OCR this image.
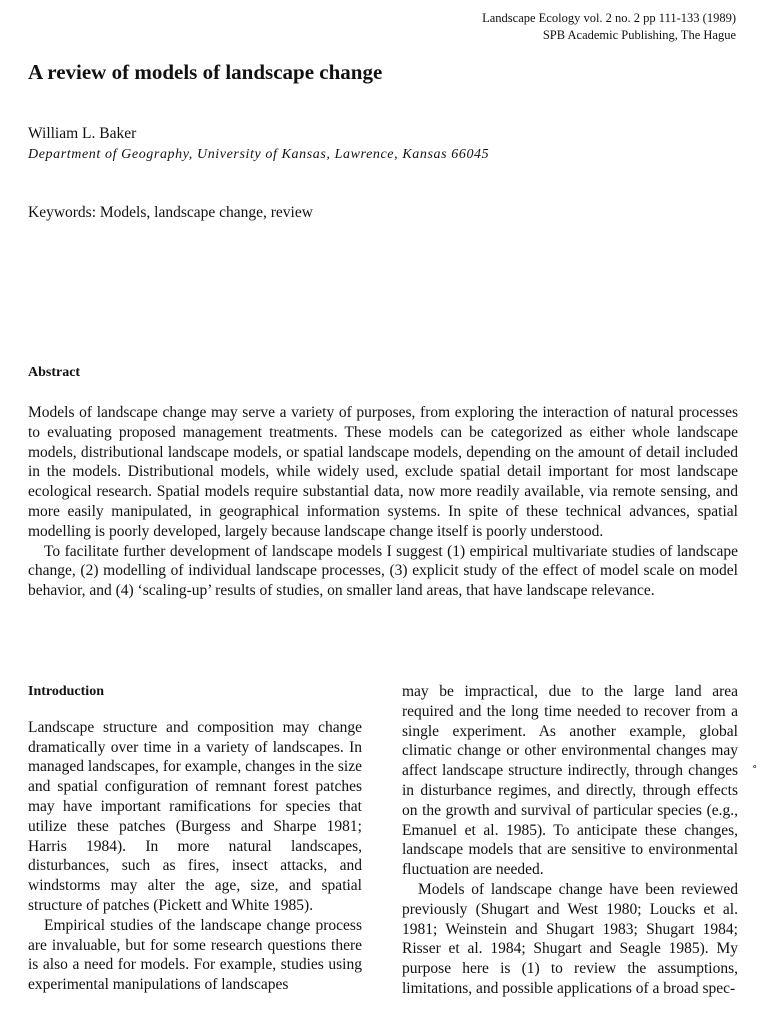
Landscape Ecology vol. 2 no. 2 pp 111-133 (1989)
SPB Academic Publishing, The Hague
A review of models of landscape change
William L. Baker
Department of Geography, University of Kansas, Lawrence, Kansas 66045
Keywords: Models, landscape change, review
Abstract

Models of landscape change may serve a variety of purposes, from exploring the interaction of natural processes to evaluating proposed management treatments. These models can be categorized as either whole landscape models, distributional landscape models, or spatial landscape models, depending on the amount of detail included in the models. Distributional models, while widely used, exclude spatial detail important for most landscape ecological research. Spatial models require substantial data, now more readily available, via remote sensing, and more easily manipulated, in geographical information systems. In spite of these technical advances, spatial modelling is poorly developed, largely because landscape change itself is poorly understood.

To facilitate further development of landscape models I suggest (1) empirical multivariate studies of landscape change, (2) modelling of individual landscape processes, (3) explicit study of the effect of model scale on model behavior, and (4) ‘scaling-up’ results of studies, on smaller land areas, that have landscape relevance.

Introduction

Landscape structure and composition may change dramatically over time in a variety of landscapes. In managed landscapes, for example, changes in the size and spatial configuration of remnant forest patches may have important ramifications for species that utilize these patches (Burgess and Sharpe 1981; Harris 1984). In more natural landscapes, disturbances, such as fires, insect attacks, and windstorms may alter the age, size, and spatial structure of patches (Pickett and White 1985).

Empirical studies of the landscape change process are invaluable, but for some research questions there is also a need for models. For example, studies using experimental manipulations of landscapes

may be impractical, due to the large land area required and the long time needed to recover from a single experiment. As another example, global climatic change or other environmental changes may affect landscape structure indirectly, through changes in disturbance regimes, and directly, through effects on the growth and survival of particular species (e.g., Emanuel et al. 1985). To anticipate these changes, landscape models that are sensitive to environmental fluctuation are needed.

Models of landscape change have been reviewed previously (Shugart and West 1980; Loucks et al. 1981; Weinstein and Shugart 1983; Shugart 1984; Risser et al. 1984; Shugart and Seagle 1985). My purpose here is (1) to review the assumptions, limitations, and possible applications of a broad spec-

∘
